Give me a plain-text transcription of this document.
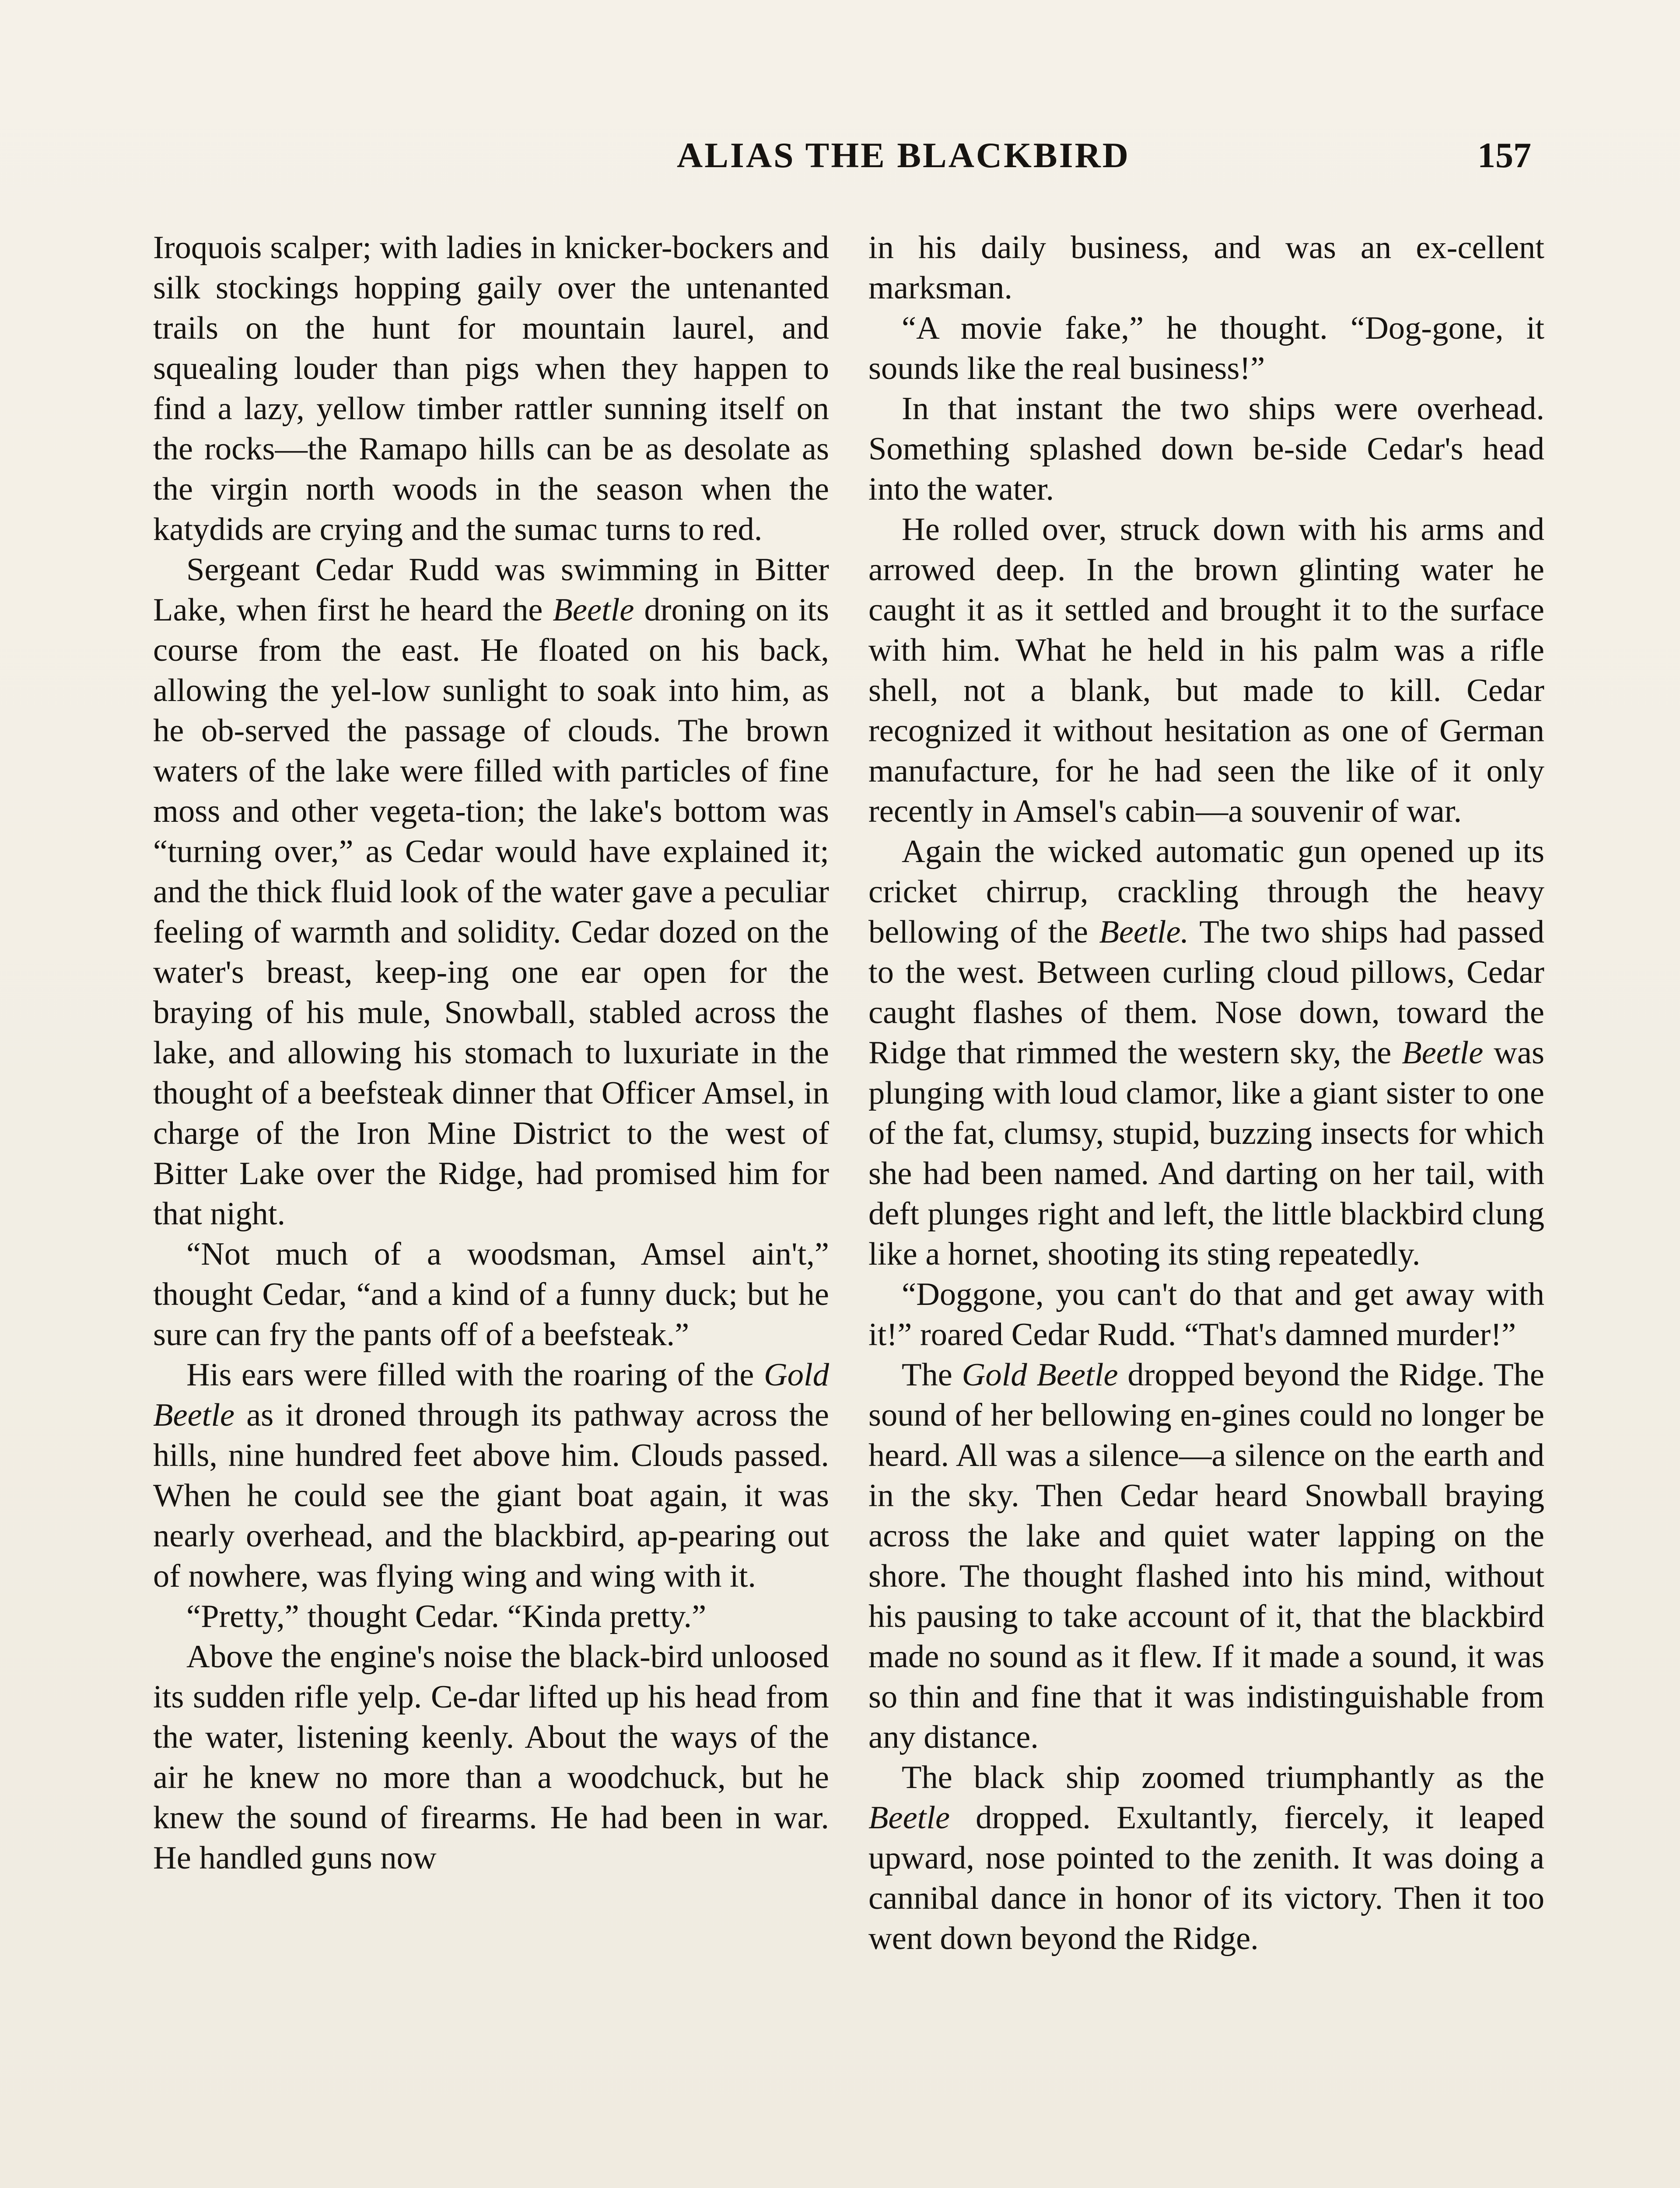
ALIAS THE BLACKBIRD	157

Iroquois scalper; with ladies in knicker-bockers and silk stockings hopping gaily over the untenanted trails on the hunt for mountain laurel, and squealing louder than pigs when they happen to find a lazy, yellow timber rattler sunning itself on the rocks—the Ramapo hills can be as desolate as the virgin north woods in the season when the katydids are crying and the sumac turns to red.

Sergeant Cedar Rudd was swimming in Bitter Lake, when first he heard the Beetle droning on its course from the east. He floated on his back, allowing the yel-low sunlight to soak into him, as he ob-served the passage of clouds. The brown waters of the lake were filled with particles of fine moss and other vegeta-tion; the lake's bottom was “turning over,” as Cedar would have explained it; and the thick fluid look of the water gave a peculiar feeling of warmth and solidity. Cedar dozed on the water's breast, keep-ing one ear open for the braying of his mule, Snowball, stabled across the lake, and allowing his stomach to luxuriate in the thought of a beefsteak dinner that Officer Amsel, in charge of the Iron Mine District to the west of Bitter Lake over the Ridge, had promised him for that night.

“Not much of a woodsman, Amsel ain't,” thought Cedar, “and a kind of a funny duck; but he sure can fry the pants off of a beefsteak.”

His ears were filled with the roaring of the Gold Beetle as it droned through its pathway across the hills, nine hundred feet above him. Clouds passed. When he could see the giant boat again, it was nearly overhead, and the blackbird, ap-pearing out of nowhere, was flying wing and wing with it.

“Pretty,” thought Cedar. “Kinda pretty.”

Above the engine's noise the black-bird unloosed its sudden rifle yelp. Ce-dar lifted up his head from the water, listening keenly. About the ways of the air he knew no more than a woodchuck, but he knew the sound of firearms. He had been in war. He handled guns now

in his daily business, and was an ex-cellent marksman.

“A movie fake,” he thought. “Dog-gone, it sounds like the real business!”

In that instant the two ships were overhead. Something splashed down be-side Cedar's head into the water.

He rolled over, struck down with his arms and arrowed deep. In the brown glinting water he caught it as it settled and brought it to the surface with him. What he held in his palm was a rifle shell, not a blank, but made to kill. Cedar recognized it without hesitation as one of German manufacture, for he had seen the like of it only recently in Amsel's cabin—a souvenir of war.

Again the wicked automatic gun opened up its cricket chirrup, crackling through the heavy bellowing of the Beetle. The two ships had passed to the west. Between curling cloud pillows, Cedar caught flashes of them. Nose down, toward the Ridge that rimmed the western sky, the Beetle was plunging with loud clamor, like a giant sister to one of the fat, clumsy, stupid, buzzing insects for which she had been named. And darting on her tail, with deft plunges right and left, the little blackbird clung like a hornet, shooting its sting repeatedly.

“Doggone, you can't do that and get away with it!” roared Cedar Rudd. “That's damned murder!”

The Gold Beetle dropped beyond the Ridge. The sound of her bellowing en-gines could no longer be heard. All was a silence—a silence on the earth and in the sky. Then Cedar heard Snowball braying across the lake and quiet water lapping on the shore. The thought flashed into his mind, without his pausing to take account of it, that the blackbird made no sound as it flew. If it made a sound, it was so thin and fine that it was indistinguishable from any distance.

The black ship zoomed triumphantly as the Beetle dropped. Exultantly, fiercely, it leaped upward, nose pointed to the zenith. It was doing a cannibal dance in honor of its victory. Then it too went down beyond the Ridge.
